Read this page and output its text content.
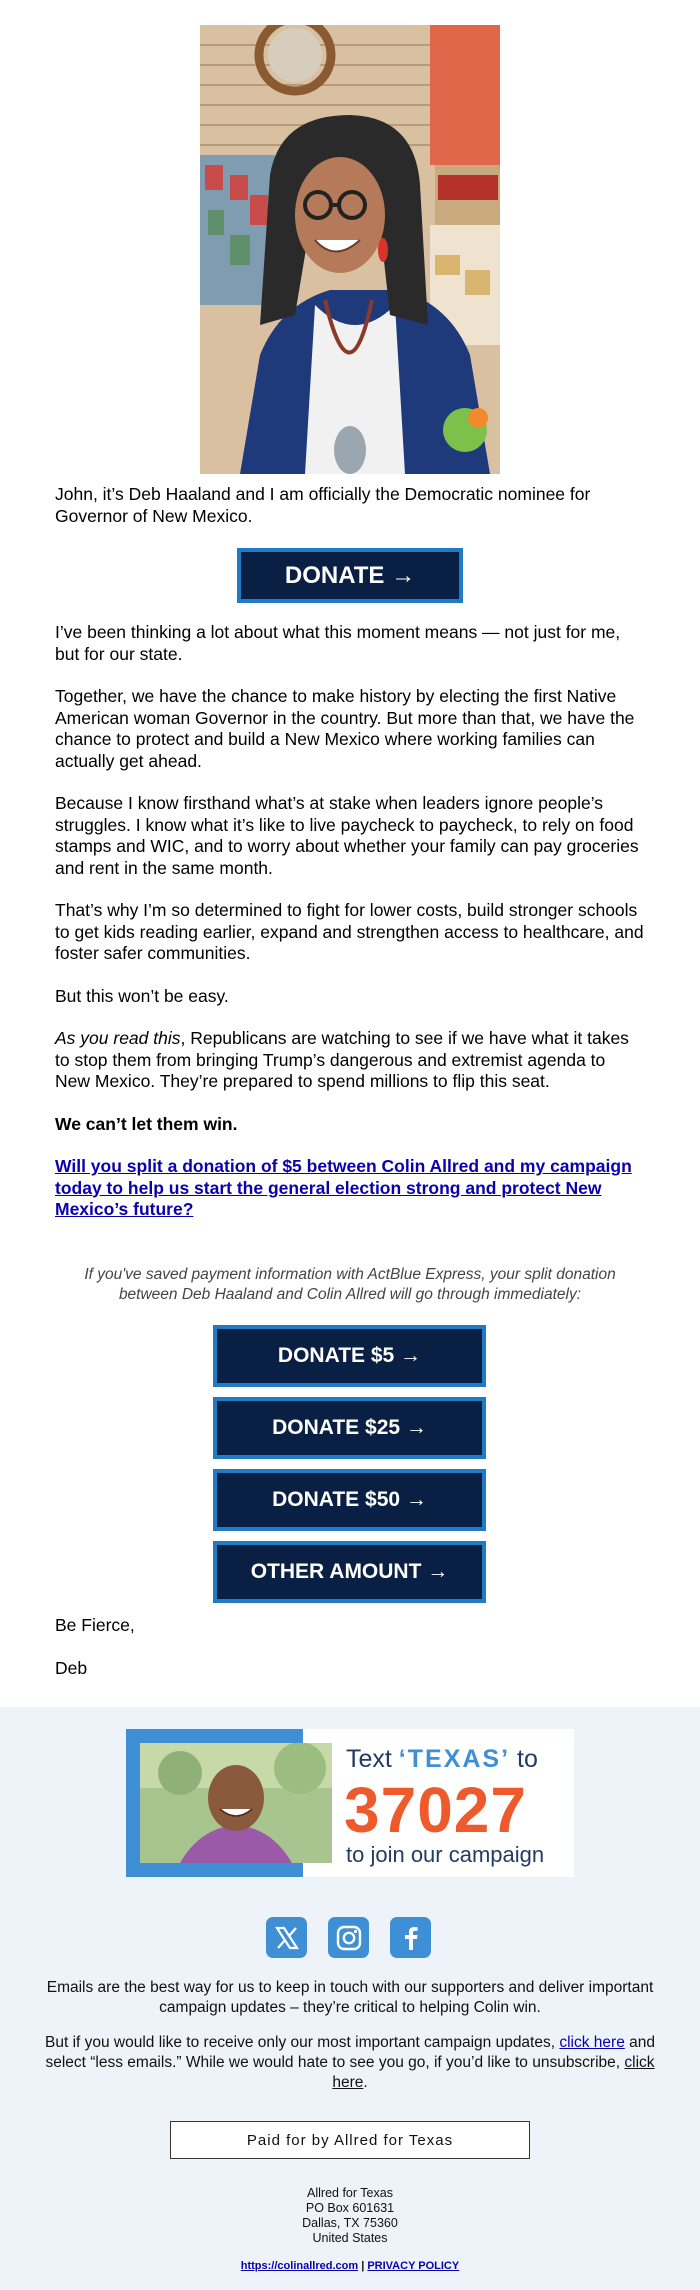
John, it’s Deb Haaland and I am officially the Democratic nominee for Governor of New Mexico.

DONATE →

I’ve been thinking a lot about what this moment means — not just for me, but for our state.

Together, we have the chance to make history by electing the first Native American woman Governor in the country. But more than that, we have the chance to protect and build a New Mexico where working families can actually get ahead.

Because I know firsthand what’s at stake when leaders ignore people’s struggles. I know what it’s like to live paycheck to paycheck, to rely on food stamps and WIC, and to worry about whether your family can pay groceries and rent in the same month.

That’s why I’m so determined to fight for lower costs, build stronger schools to get kids reading earlier, expand and strengthen access to healthcare, and foster safer communities.

But this won’t be easy.

As you read this, Republicans are watching to see if we have what it takes to stop them from bringing Trump’s dangerous and extremist agenda to New Mexico. They’re prepared to spend millions to flip this seat.

We can’t let them win.

Will you split a donation of $5 between Colin Allred and my campaign today to help us start the general election strong and protect New Mexico’s future?

If you've saved payment information with ActBlue Express, your split donation between Deb Haaland and Colin Allred will go through immediately:
DONATE $5 →
DONATE $25 →
DONATE $50 →
OTHER AMOUNT →

Be Fierce,

Deb

Text ‘TEXAS’ to
37027
to join our campaign
Emails are the best way for us to keep in touch with our supporters and deliver important campaign updates – they’re critical to helping Colin win.
But if you would like to receive only our most important campaign updates, click here and select “less emails.” While we would hate to see you go, if you’d like to unsubscribe, click here.
Paid for by Allred for Texas
Allred for Texas
PO Box 601631
Dallas, TX 75360
United States
https://colinallred.com | PRIVACY POLICY
